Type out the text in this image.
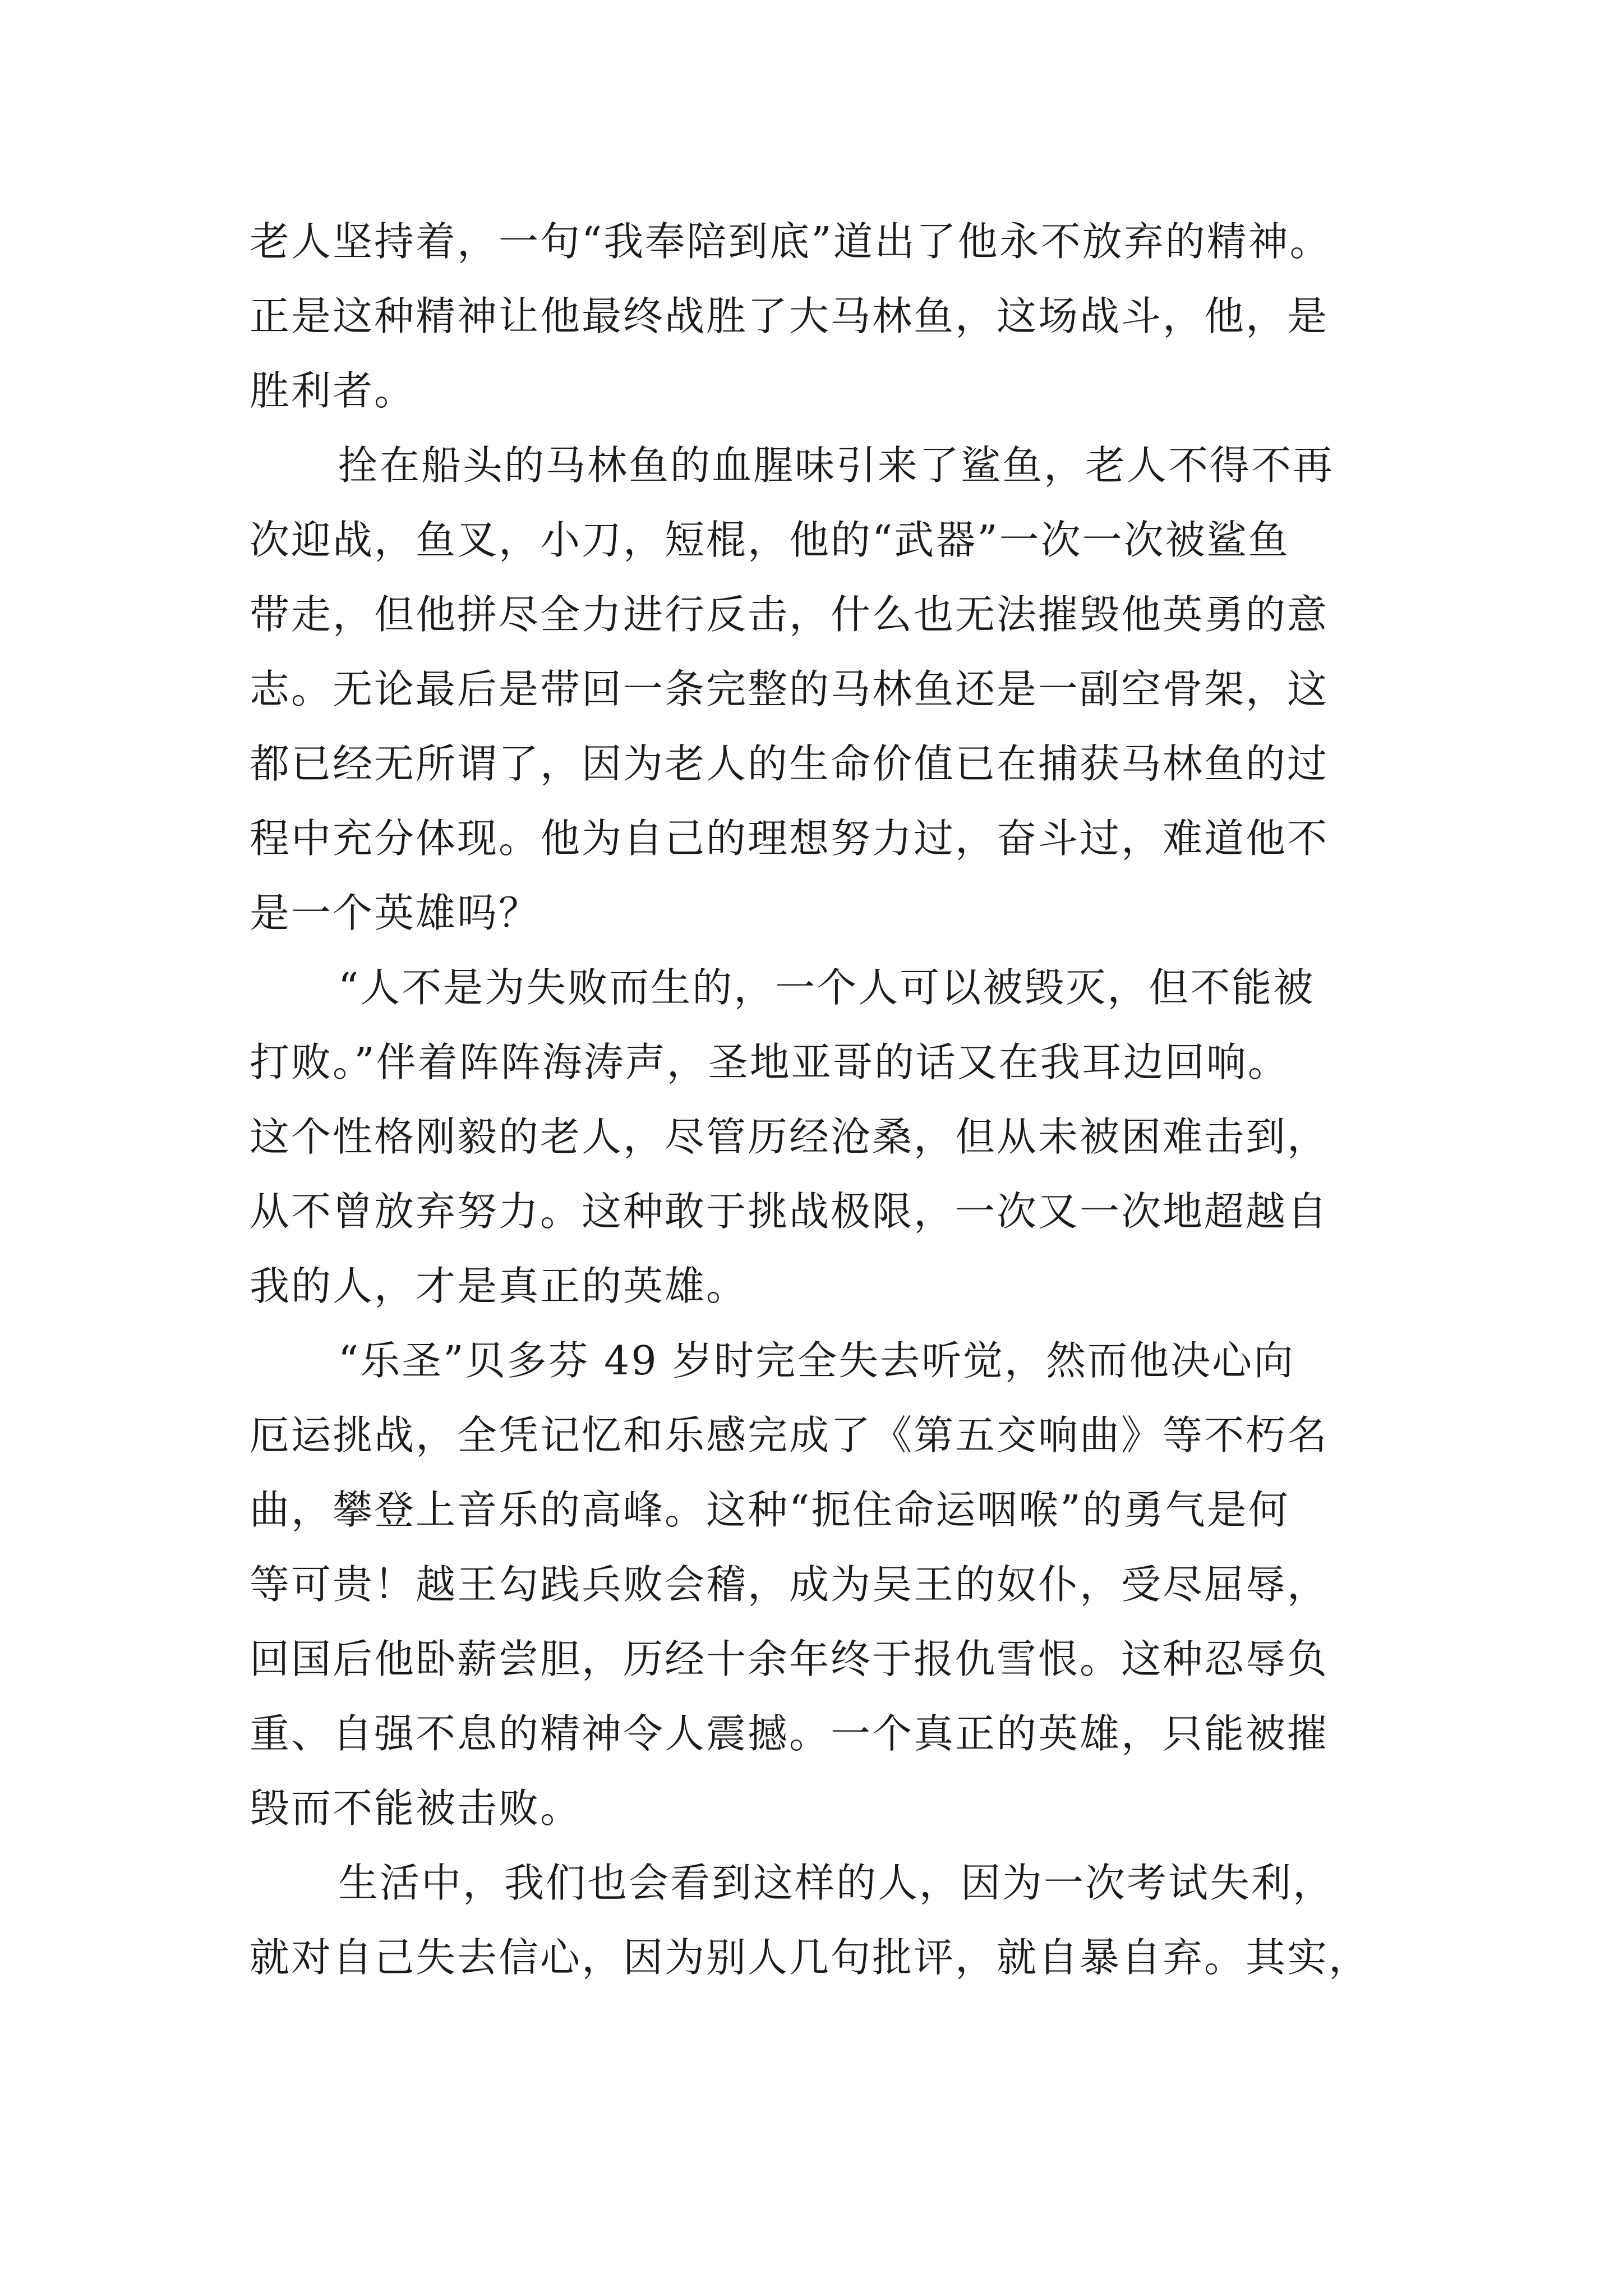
老人坚持着，一句“我奉陪到底”道出了他永不放弃的精神。
正是这种精神让他最终战胜了大马林鱼，这场战斗，他，是
胜利者。
拴在船头的马林鱼的血腥味引来了鲨鱼，老人不得不再
次迎战，鱼叉，小刀，短棍，他的“武器”一次一次被鲨鱼
带走，但他拼尽全力进行反击，什么也无法摧毁他英勇的意
志。无论最后是带回一条完整的马林鱼还是一副空骨架，这
都已经无所谓了，因为老人的生命价值已在捕获马林鱼的过
程中充分体现。他为自己的理想努力过，奋斗过，难道他不
是一个英雄吗？
“人不是为失败而生的，一个人可以被毁灭，但不能被
打败。”伴着阵阵海涛声，圣地亚哥的话又在我耳边回响。
这个性格刚毅的老人，尽管历经沧桑，但从未被困难击到，
从不曾放弃努力。这种敢于挑战极限，一次又一次地超越自
我的人，才是真正的英雄。
“乐圣”贝多芬 49 岁时完全失去听觉，然而他决心向
厄运挑战，全凭记忆和乐感完成了《第五交响曲》等不朽名
曲，攀登上音乐的高峰。这种“扼住命运咽喉”的勇气是何
等可贵！越王勾践兵败会稽，成为吴王的奴仆，受尽屈辱，
回国后他卧薪尝胆，历经十余年终于报仇雪恨。这种忍辱负
重、自强不息的精神令人震撼。一个真正的英雄，只能被摧
毁而不能被击败。
生活中，我们也会看到这样的人，因为一次考试失利，
就对自己失去信心，因为别人几句批评，就自暴自弃。其实，
